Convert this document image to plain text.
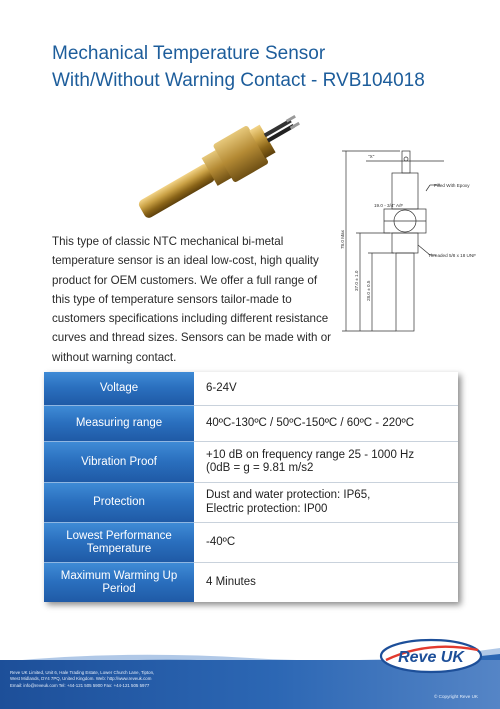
Mechanical Temperature Sensor
With/Without Warning Contact - RVB104018
This type of classic NTC mechanical bi-metal temperature sensor is an ideal low-cost, high quality product for OEM customers. We offer a full range of this type of temperature sensors tailor-made to customers specifications including different resistance curves and thread sizes. Sensors can be made with or without warning contact.
"X"
Filled With Epoxy
19.0 - 3/4" A/F
Threaded 5/8 x 18 UNF
78.0 Max
37.0 ± 1.0 28.0 ± 0.5
Voltage	6-24V
Measuring range	40ºC-130ºC / 50ºC-150ºC / 60ºC - 220ºC
Vibration Proof
+10 dB on frequency range 25 - 1000 Hz
(0dB = g = 9.81 m/s2
Protection
Dust and water protection: IP65,
Electric protection: IP00
Lowest Performance Temperature
-40ºC
Maximum Warming Up Period
4 Minutes
Reve UK Limited, Unit 6, Hale Trading Estate, Lower Church Lane, Tipton,
West Midlands, DY4 7PQ, United Kingdom. Web: http://www.reveuk.com
Email: info@reveuk.com Tel: +44-121 505 5900 Fax: +44-121 505 5977
© Copyright Reve UK
Reve UK
